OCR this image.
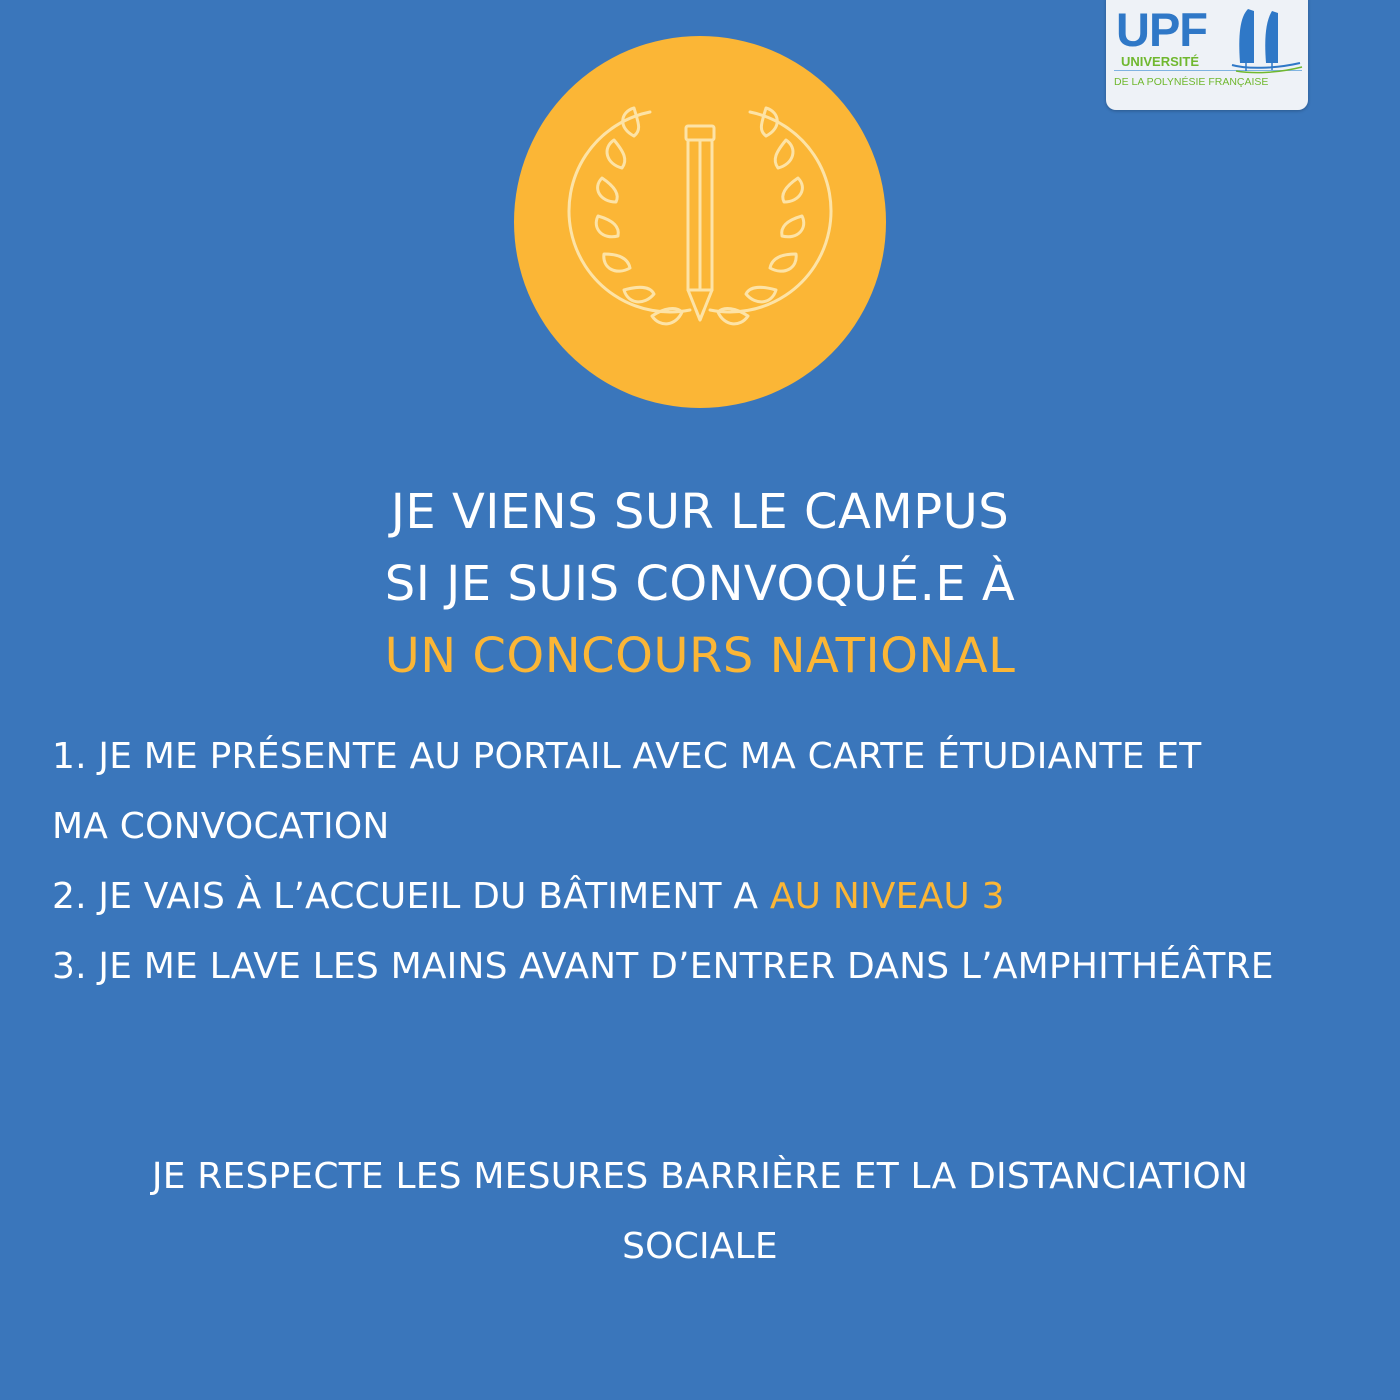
UPF
UNIVERSITÉ
DE LA POLYNÉSIE FRANÇAISE
JE VIENS SUR LE CAMPUS
SI JE SUIS CONVOQUÉ.E À
UN CONCOURS NATIONAL
1. JE ME PRÉSENTE AU PORTAIL AVEC MA CARTE ÉTUDIANTE ET
MA CONVOCATION
2. JE VAIS À L’ACCUEIL DU BÂTIMENT A AU NIVEAU 3
3. JE ME LAVE LES MAINS AVANT D’ENTRER DANS L’AMPHITHÉÂTRE
JE RESPECTE LES MESURES BARRIÈRE ET LA DISTANCIATION
SOCIALE
